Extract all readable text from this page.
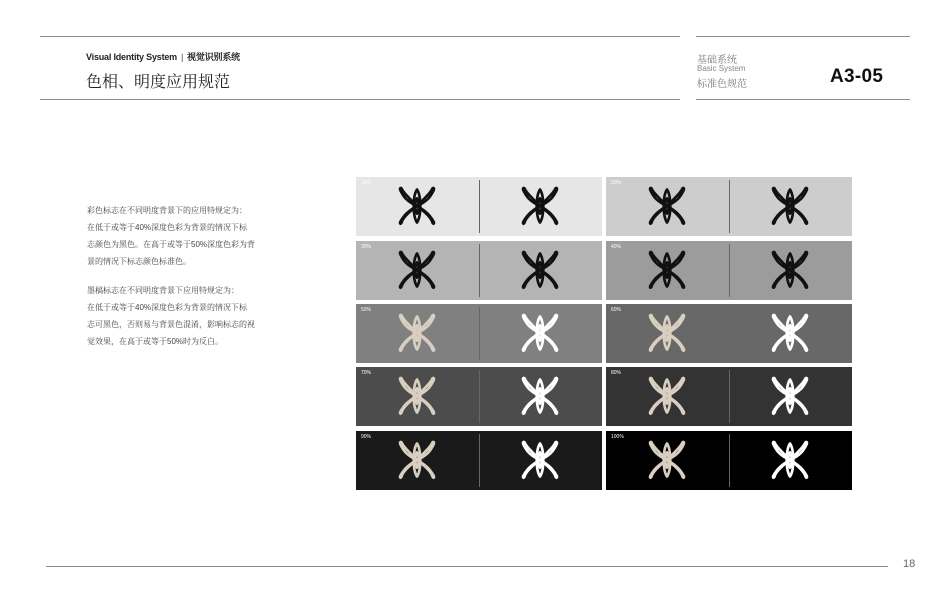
Visual Identity System | 视觉识别系统
色相、明度应用规范
基础系统
Basic System
标准色规范	A3-05

彩色标志在不同明度背景下的应用特规定为：

在低于或等于40%深度色彩为背景的情况下标

志颜色为黑色。在高于或等于50%深度色彩为背

景的情况下标志颜色标准色。

墨稿标志在不同明度背景下应用特规定为：

在低于或等于40%深度色彩为背景的情况下标

志可黑色，否则易与背景色混淆，影响标志的视

觉效果，在高于或等于50%时为反白。

10%	20%
30%	40%
50%	60%
70%	80%
90%	100%
18
